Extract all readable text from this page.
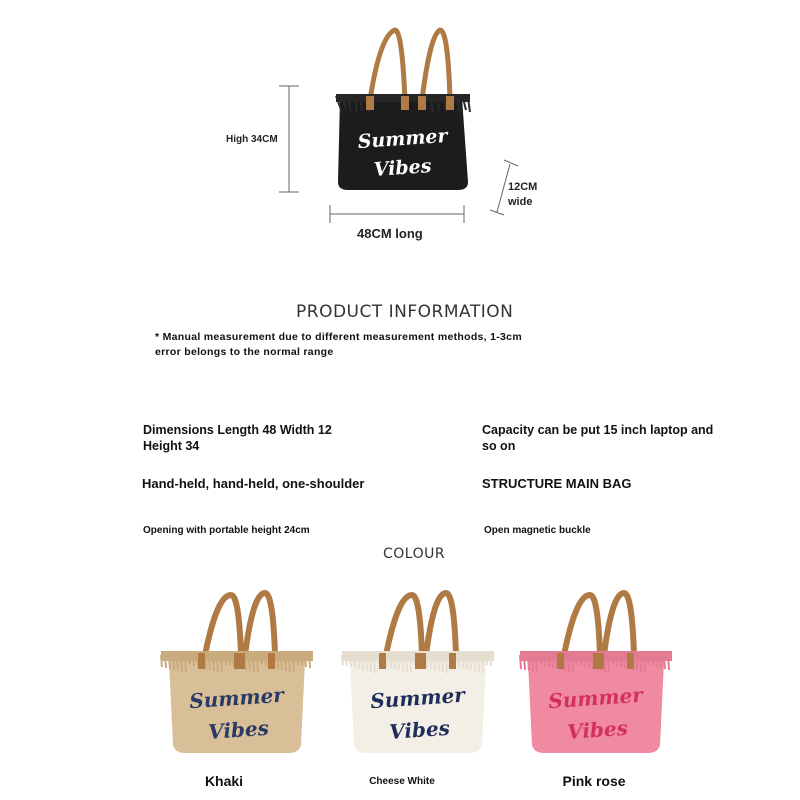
Summer
Vibes
High 34CM
48CM long
12CM
wide
PRODUCT INFORMATION
* Manual measurement due to different measurement methods, 1-3cm
error belongs to the normal range
Dimensions Length 48 Width 12
Height 34
Capacity can be put 15 inch laptop and
so on
Hand-held, hand-held, one-shoulder	STRUCTURE MAIN BAG
Opening with portable height 24cm	Open magnetic buckle
COLOUR
Summer
Vibes
Summer
Vibes
Summer
Vibes
Khaki	Cheese White	Pink rose
